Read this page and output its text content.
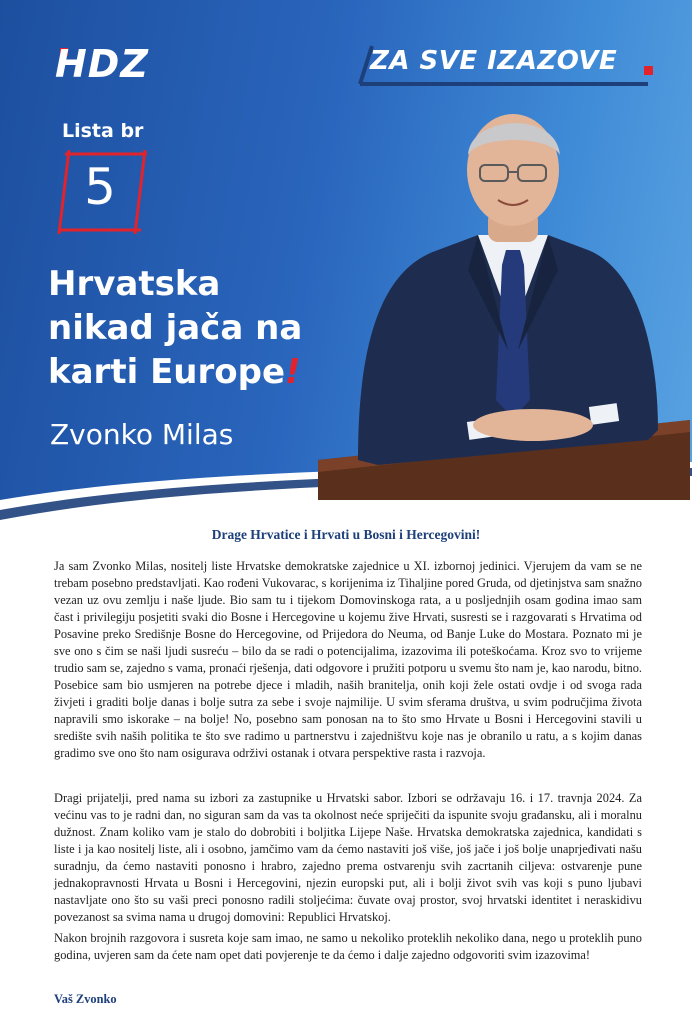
HDZ	ZA SVE IZAZOVE
Lista br
5
Hrvatska
nikad jača na
karti Europe!
Zvonko Milas
Drage Hrvatice i Hrvati u Bosni i Hercegovini!

Ja sam Zvonko Milas, nositelj liste Hrvatske demokratske zajednice u XI. izbornoj jedinici. Vjerujem da vam se ne trebam posebno predstavljati. Kao rođeni Vukovarac, s korijenima iz Tihaljine pored Gruda, od djetinjstva sam snažno vezan uz ovu zemlju i naše ljude. Bio sam tu i tijekom Domovinskoga rata, a u posljednjih osam godina imao sam čast i privilegiju posjetiti svaki dio Bosne i Hercegovine u kojemu žive Hrvati, susresti se i razgovarati s Hrvatima od Posavine preko Središnje Bosne do Hercegovine, od Prijedora do Neuma, od Banje Luke do Mostara. Poznato mi je sve ono s čim se naši ljudi susreću – bilo da se radi o potencijalima, izazovima ili poteškoćama. Kroz svo to vrijeme trudio sam se, zajedno s vama, pronaći rješenja, dati odgovore i pružiti potporu u svemu što nam je, kao narodu, bitno. Posebice sam bio usmjeren na potrebe djece i mladih, naših branitelja, onih koji žele ostati ovdje i od svoga rada živjeti i graditi bolje danas i bolje sutra za sebe i svoje najmilije. U svim sferama društva, u svim područjima života napravili smo iskorake – na bolje! No, posebno sam ponosan na to što smo Hrvate u Bosni i Hercegovini stavili u središte svih naših politika te što sve radimo u partnerstvu i zajedništvu koje nas je obranilo u ratu, a s kojim danas gradimo sve ono što nam osigurava održivi ostanak i otvara perspektive rasta i razvoja.

Dragi prijatelji, pred nama su izbori za zastupnike u Hrvatski sabor. Izbori se održavaju 16. i 17. travnja 2024. Za većinu vas to je radni dan, no siguran sam da vas ta okolnost neće spriječiti da ispunite svoju građansku, ali i moralnu dužnost. Znam koliko vam je stalo do dobrobiti i boljitka Lijepe Naše. Hrvatska demokratska zajednica, kandidati s liste i ja kao nositelj liste, ali i osobno, jamčimo vam da ćemo nastaviti još više, još jače i još bolje unaprjeđivati našu suradnju, da ćemo nastaviti ponosno i hrabro, zajedno prema ostvarenju svih zacrtanih ciljeva: ostvarenje pune jednakopravnosti Hrvata u Bosni i Hercegovini, njezin europski put, ali i bolji život svih vas koji s puno ljubavi nastavljate ono što su vaši preci ponosno radili stoljećima: čuvate ovaj prostor, svoj hrvatski identitet i neraskidivu povezanost sa svima nama u drugoj domovini: Republici Hrvatskoj.

Nakon brojnih razgovora i susreta koje sam imao, ne samo u nekoliko proteklih nekoliko dana, nego u proteklih puno godina, uvjeren sam da ćete nam opet dati povjerenje te da ćemo i dalje zajedno odgovoriti svim izazovima!

Vaš Zvonko
